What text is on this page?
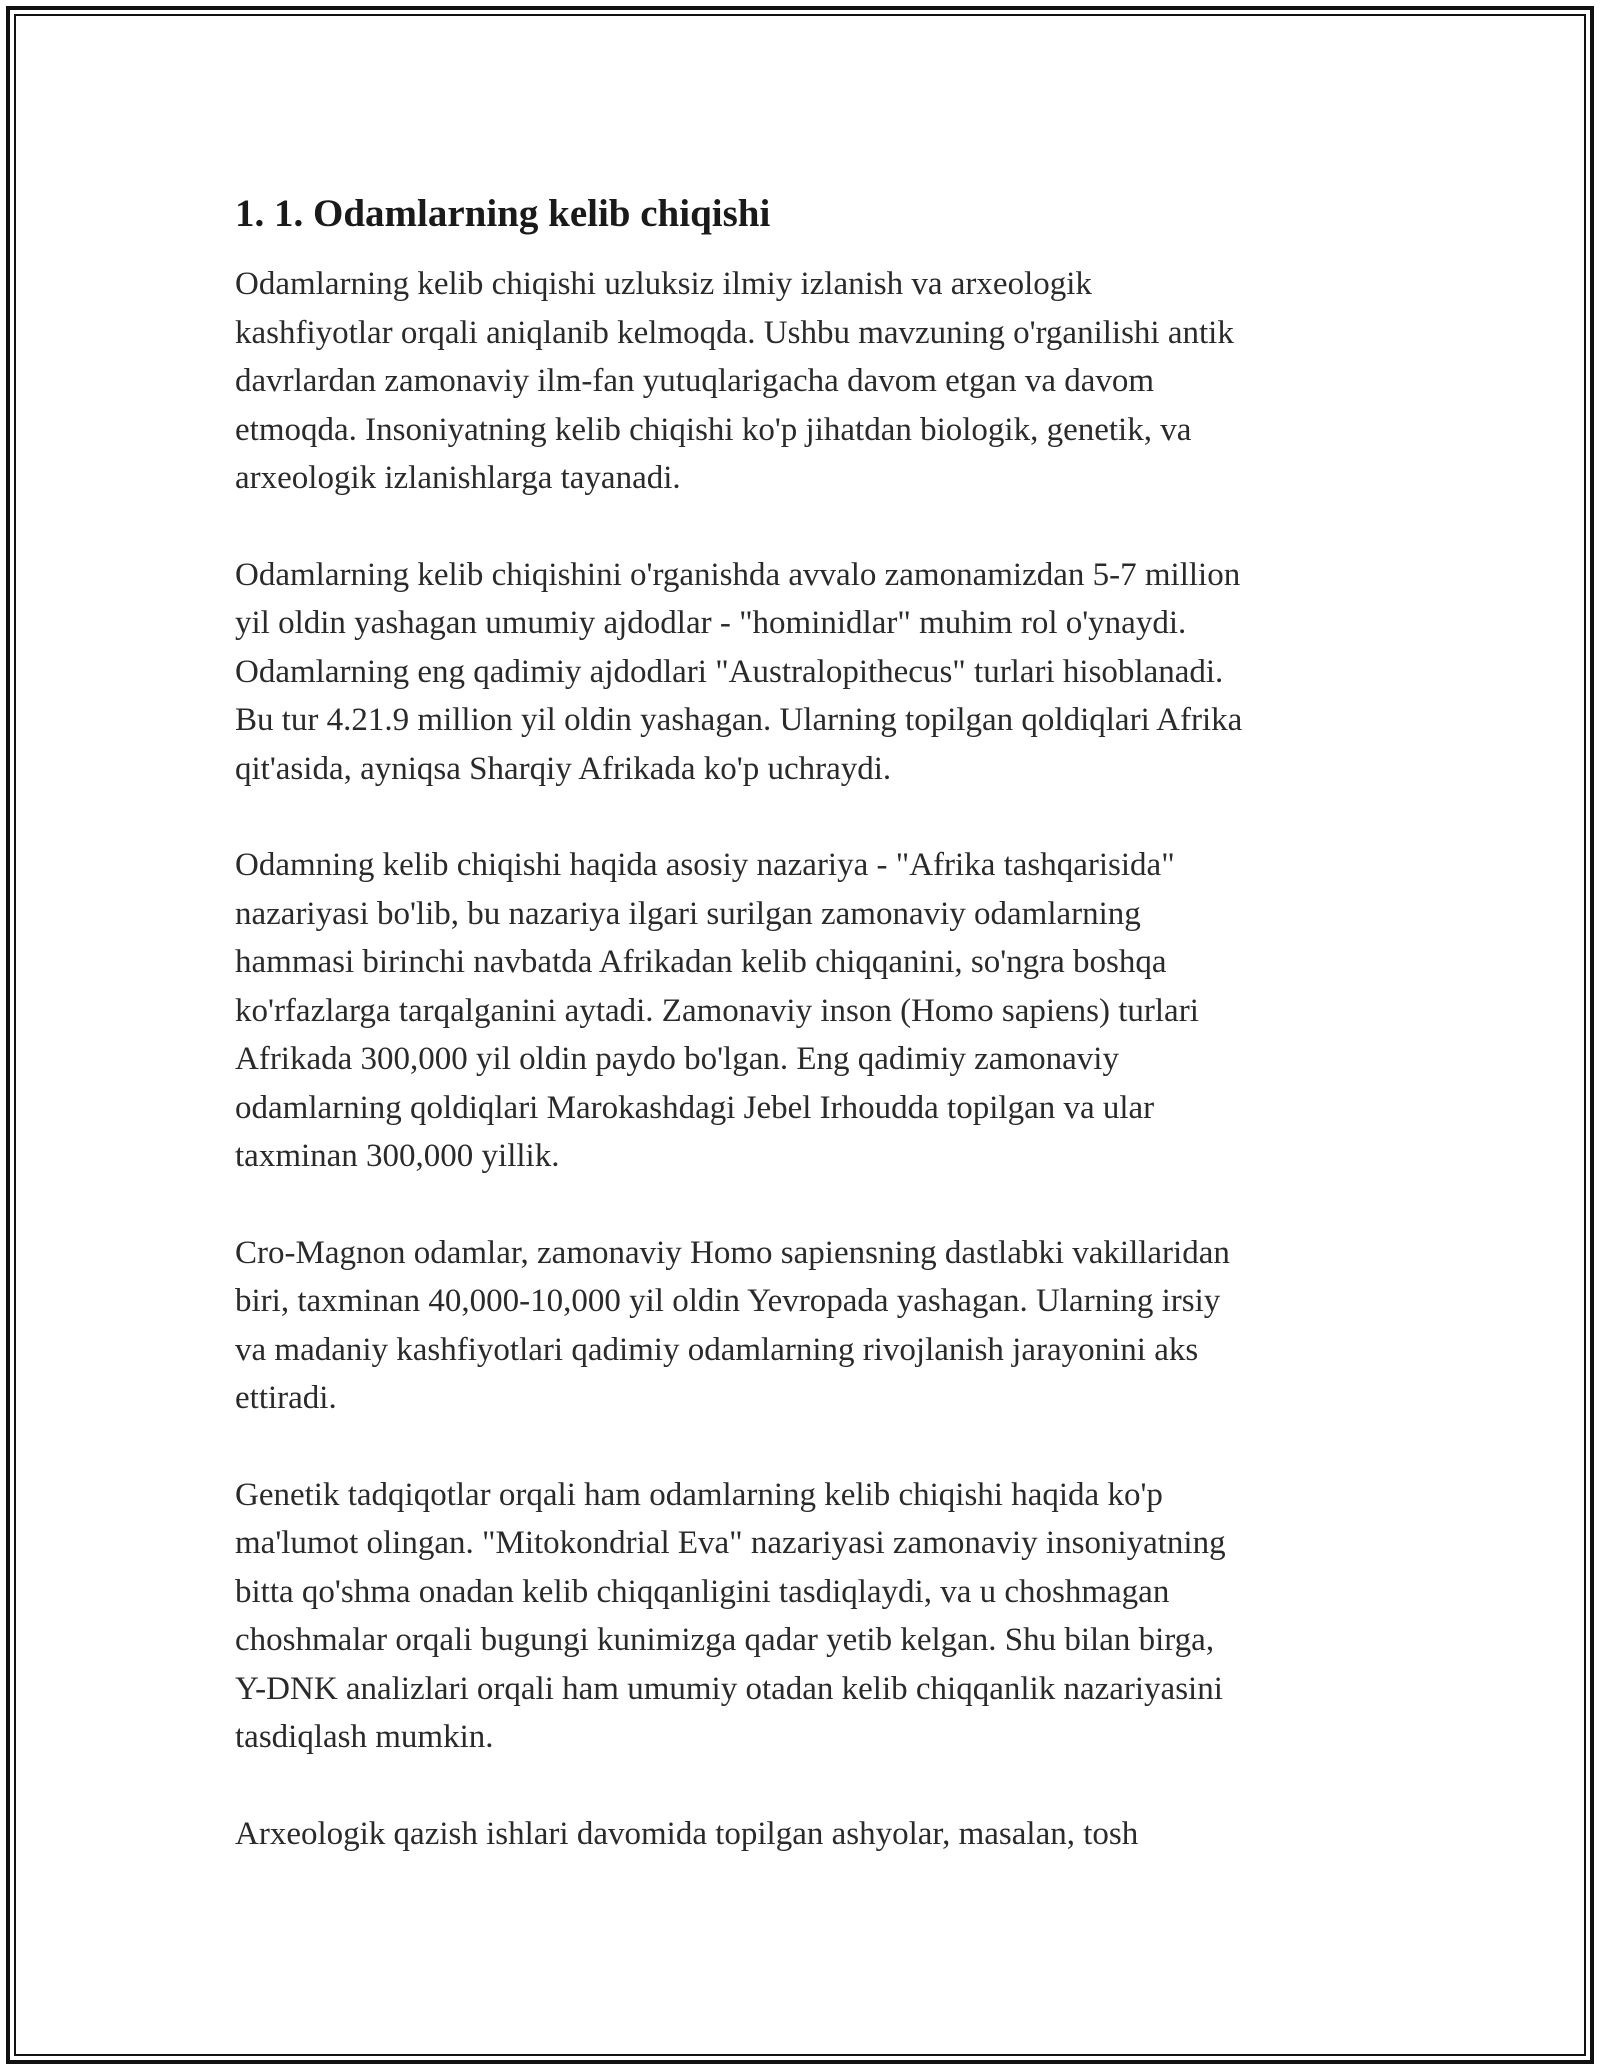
1. 1. Odamlarning kelib chiqishi

Odamlarning kelib chiqishi uzluksiz ilmiy izlanish va arxeologik
kashfiyotlar orqali aniqlanib kelmoqda. Ushbu mavzuning o'rganilishi antik
davrlardan zamonaviy ilm-fan yutuqlarigacha davom etgan va davom
etmoqda. Insoniyatning kelib chiqishi ko'p jihatdan biologik, genetik, va
arxeologik izlanishlarga tayanadi.

Odamlarning kelib chiqishini o'rganishda avvalo zamonamizdan 5-7 million
yil oldin yashagan umumiy ajdodlar - "hominidlar" muhim rol o'ynaydi.
Odamlarning eng qadimiy ajdodlari "Australopithecus" turlari hisoblanadi.
Bu tur 4.21.9 million yil oldin yashagan. Ularning topilgan qoldiqlari Afrika
qit'asida, ayniqsa Sharqiy Afrikada ko'p uchraydi.

Odamning kelib chiqishi haqida asosiy nazariya - "Afrika tashqarisida"
nazariyasi bo'lib, bu nazariya ilgari surilgan zamonaviy odamlarning
hammasi birinchi navbatda Afrikadan kelib chiqqanini, so'ngra boshqa
ko'rfazlarga tarqalganini aytadi. Zamonaviy inson (Homo sapiens) turlari
Afrikada 300,000 yil oldin paydo bo'lgan. Eng qadimiy zamonaviy
odamlarning qoldiqlari Marokashdagi Jebel Irhoudda topilgan va ular
taxminan 300,000 yillik.

Cro-Magnon odamlar, zamonaviy Homo sapiensning dastlabki vakillaridan
biri, taxminan 40,000-10,000 yil oldin Yevropada yashagan. Ularning irsiy
va madaniy kashfiyotlari qadimiy odamlarning rivojlanish jarayonini aks
ettiradi.

Genetik tadqiqotlar orqali ham odamlarning kelib chiqishi haqida ko'p
ma'lumot olingan. "Mitokondrial Eva" nazariyasi zamonaviy insoniyatning
bitta qo'shma onadan kelib chiqqanligini tasdiqlaydi, va u choshmagan
choshmalar orqali bugungi kunimizga qadar yetib kelgan. Shu bilan birga,
Y-DNK analizlari orqali ham umumiy otadan kelib chiqqanlik nazariyasini
tasdiqlash mumkin.

Arxeologik qazish ishlari davomida topilgan ashyolar, masalan, tosh
